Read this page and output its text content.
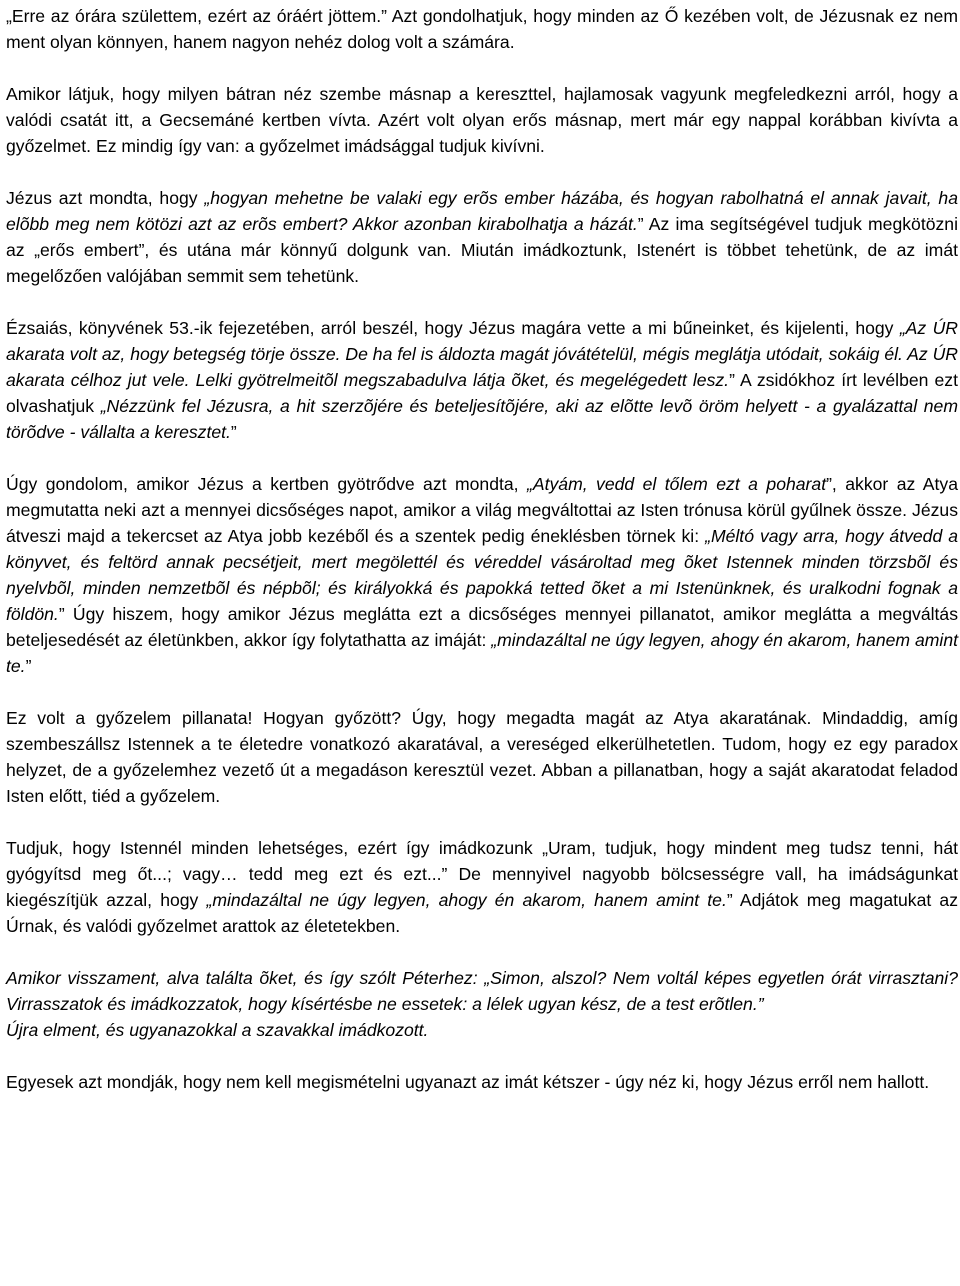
„Erre az órára születtem, ezért az óráért jöttem.” Azt gondolhatjuk, hogy minden az Ő kezében volt, de Jézusnak ez nem ment olyan könnyen, hanem nagyon nehéz dolog volt a számára.

Amikor látjuk, hogy milyen bátran néz szembe másnap a kereszttel, hajlamosak vagyunk megfeledkezni arról, hogy a valódi csatát itt, a Gecsemáné kertben vívta. Azért volt olyan erős másnap, mert már egy nappal korábban kivívta a győzelmet. Ez mindig így van: a győzelmet imádsággal tudjuk kivívni.

Jézus azt mondta, hogy „hogyan mehetne be valaki egy erõs ember házába, és hogyan rabolhatná el annak javait, ha elõbb meg nem kötözi azt az erõs embert? Akkor azonban kirabolhatja a házát.” Az ima segítségével tudjuk megkötözni az „erős embert”, és utána már könnyű dolgunk van. Miután imádkoztunk, Istenért is többet tehetünk, de az imát megelőzően valójában semmit sem tehetünk.

Ézsaiás, könyvének 53.-ik fejezetében, arról beszél, hogy Jézus magára vette a mi bűneinket, és kijelenti, hogy „Az ÚR akarata volt az, hogy betegség törje össze. De ha fel is áldozta magát jóvátételül, mégis meglátja utódait, sokáig él. Az ÚR akarata célhoz jut vele. Lelki gyötrelmeitõl megszabadulva látja õket, és megelégedett lesz.” A zsidókhoz írt levélben ezt olvashatjuk „Nézzünk fel Jézusra, a hit szerzõjére és beteljesítõjére, aki az elõtte levõ öröm helyett - a gyalázattal nem törõdve - vállalta a keresztet.”

Úgy gondolom, amikor Jézus a kertben gyötrődve azt mondta, „Atyám, vedd el tőlem ezt a poharat”, akkor az Atya megmutatta neki azt a mennyei dicsőséges napot, amikor a világ megváltottai az Isten trónusa körül gyűlnek össze. Jézus átveszi majd a tekercset az Atya jobb kezéből és a szentek pedig éneklésben törnek ki: „Méltó vagy arra, hogy átvedd a könyvet, és feltörd annak pecsétjeit, mert megölettél és véreddel vásároltad meg õket Istennek minden törzsbõl és nyelvbõl, minden nemzetbõl és népbõl; és királyokká és papokká tetted õket a mi Istenünknek, és uralkodni fognak a földön.” Úgy hiszem, hogy amikor Jézus meglátta ezt a dicsőséges mennyei pillanatot, amikor meglátta a megváltás beteljesedését az életünkben, akkor így folytathatta az imáját: „mindazáltal ne úgy legyen, ahogy én akarom, hanem amint te.”

Ez volt a győzelem pillanata! Hogyan győzött? Úgy, hogy megadta magát az Atya akaratának. Mindaddig, amíg szembeszállsz Istennek a te életedre vonatkozó akaratával, a vereséged elkerülhetetlen. Tudom, hogy ez egy paradox helyzet, de a győzelemhez vezető út a megadáson keresztül vezet. Abban a pillanatban, hogy a saját akaratodat feladod Isten előtt, tiéd a győzelem.

Tudjuk, hogy Istennél minden lehetséges, ezért így imádkozunk „Uram, tudjuk, hogy mindent meg tudsz tenni, hát gyógyítsd meg őt...; vagy… tedd meg ezt és ezt...” De mennyivel nagyobb bölcsességre vall, ha imádságunkat kiegészítjük azzal, hogy „mindazáltal ne úgy legyen, ahogy én akarom, hanem amint te.” Adjátok meg magatukat az Úrnak, és valódi győzelmet arattok az életetekben.

Amikor visszament, alva találta õket, és így szólt Péterhez: „Simon, alszol? Nem voltál képes egyetlen órát virrasztani? Virrasszatok és imádkozzatok, hogy kísértésbe ne essetek: a lélek ugyan kész, de a test erõtlen.”

Újra elment, és ugyanazokkal a szavakkal imádkozott.

Egyesek azt mondják, hogy nem kell megismételni ugyanazt az imát kétszer - úgy néz ki, hogy Jézus erről nem hallott.
